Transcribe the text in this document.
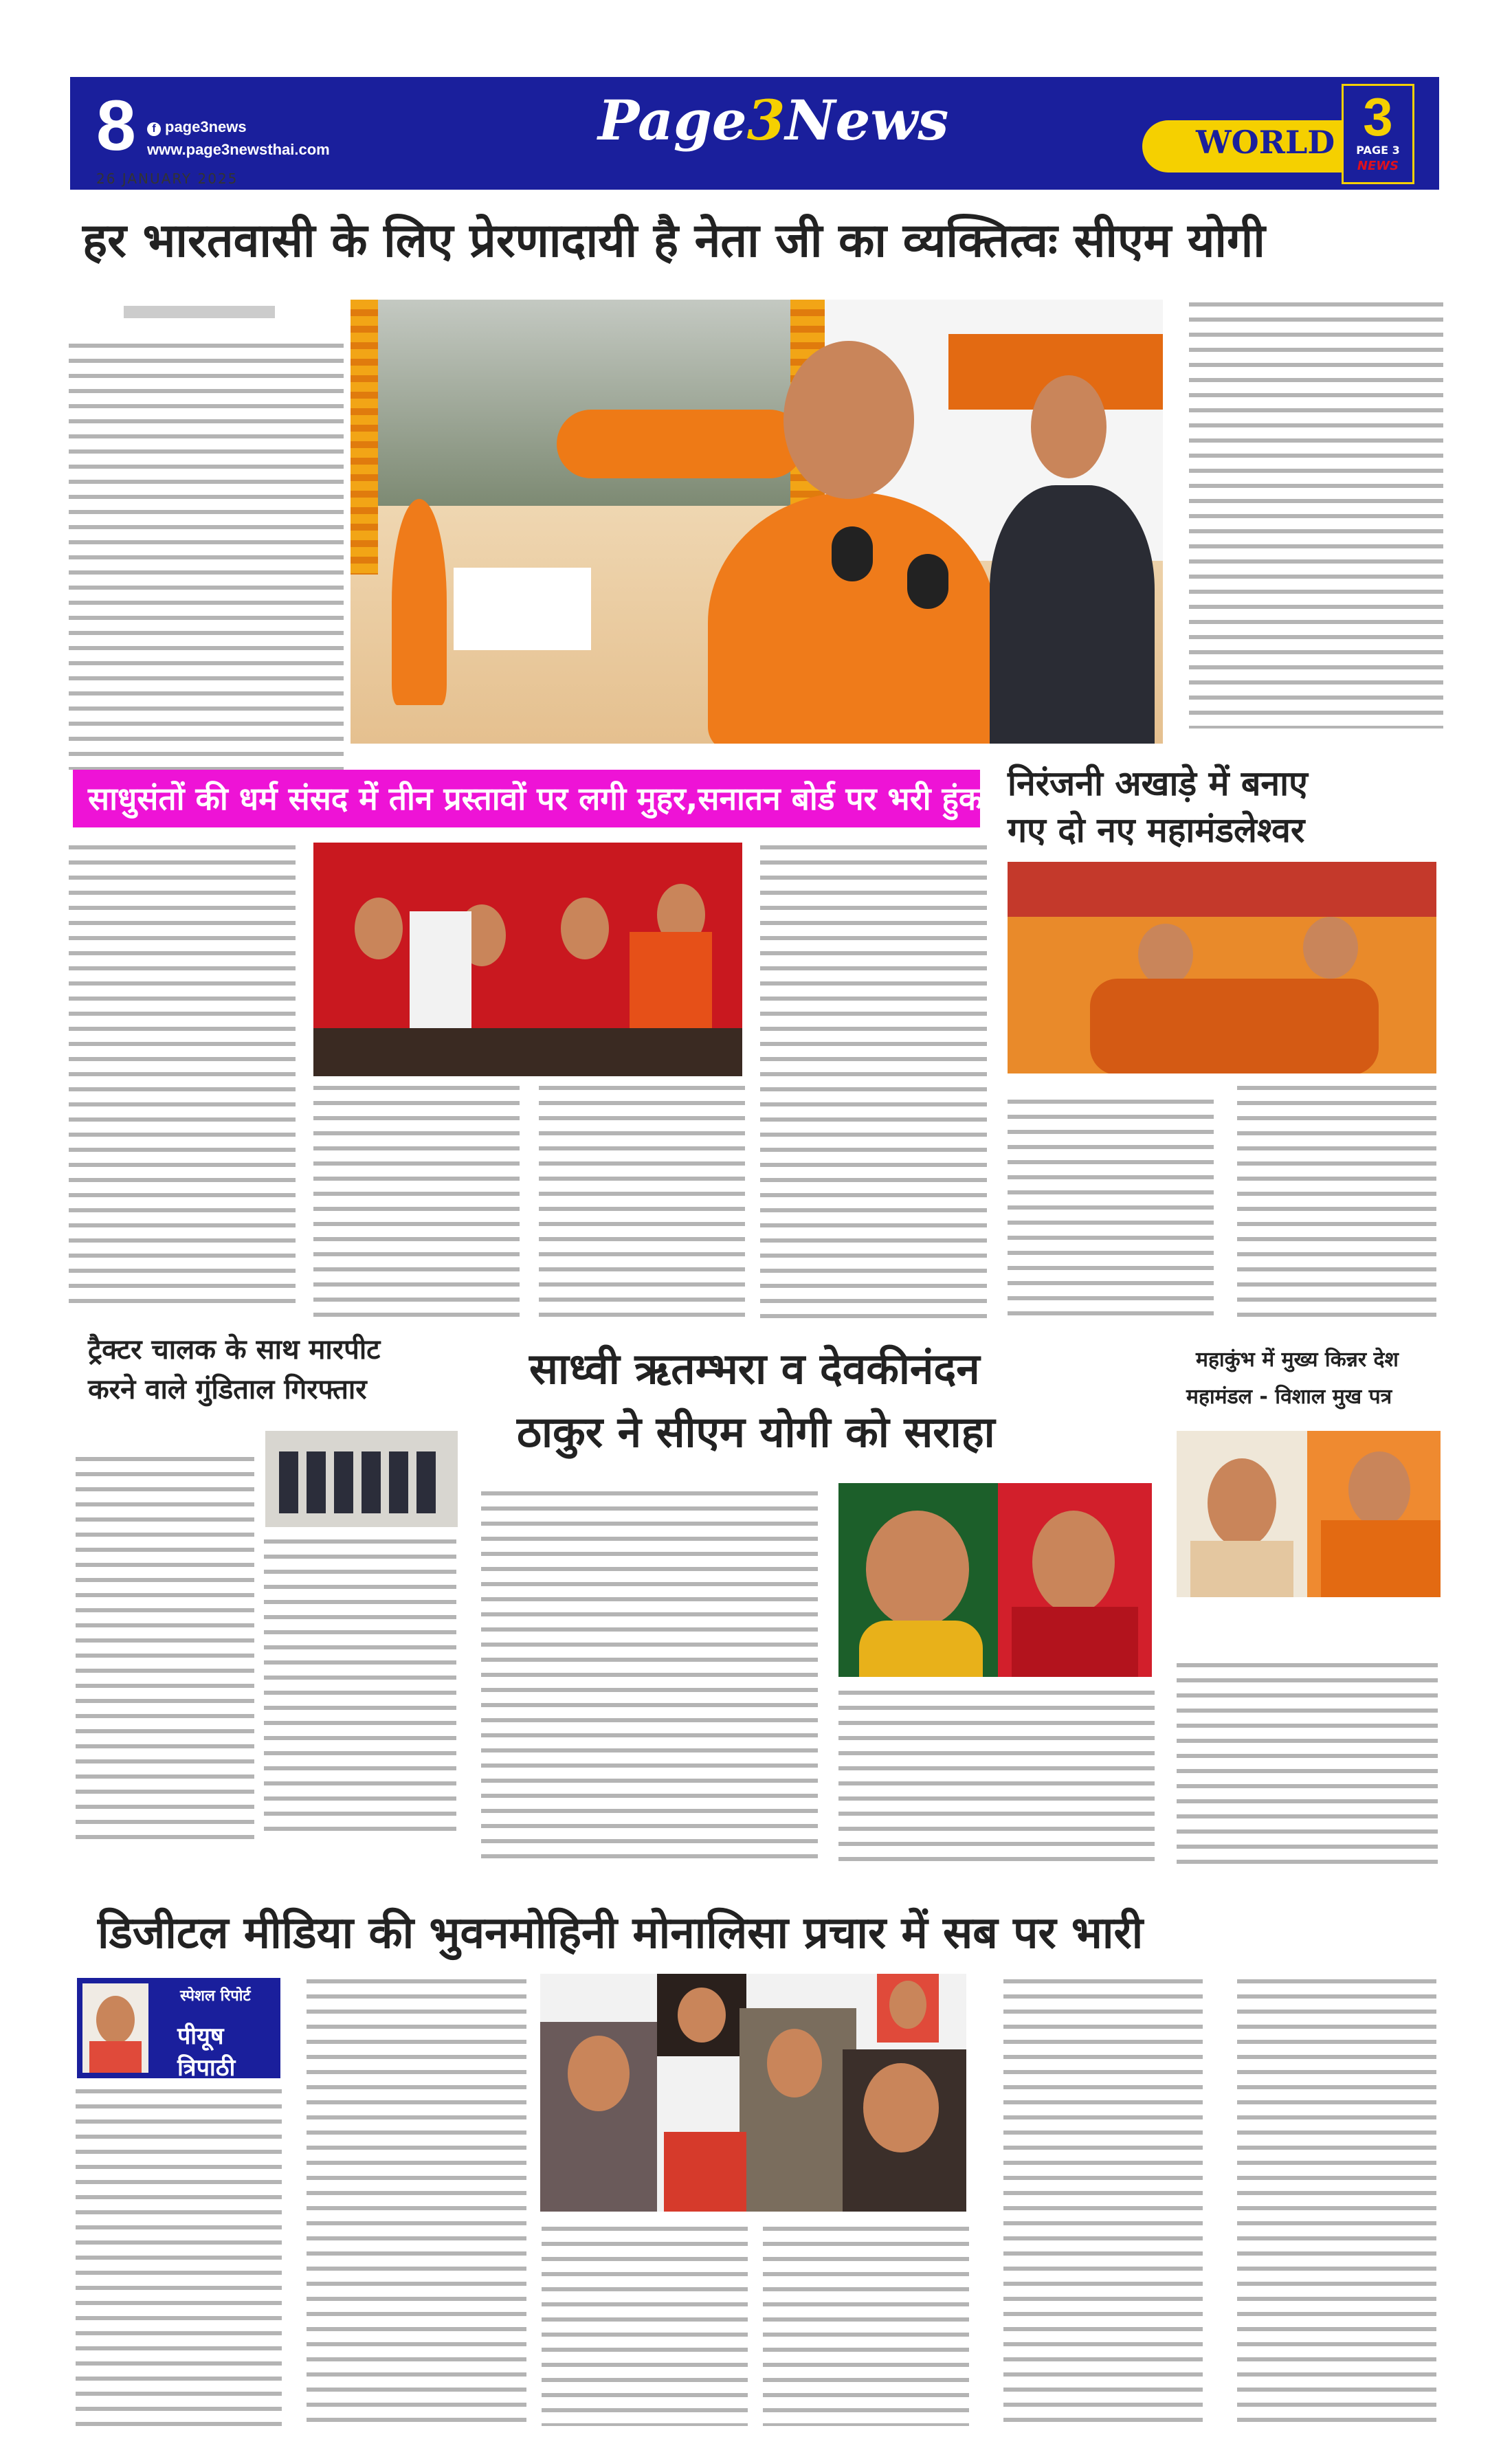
8	f page3news
www.page3newsthai.com	Page3News	WORLD 3
PAGE 3
NEWS
26 JANUARY 2025
हर भारतवासी के लिए प्रेरणादायी है नेता जी का व्यक्तित्वः सीएम योगी
साधुसंतों की धर्म संसद में तीन प्रस्तावों पर लगी मुहर,सनातन बोर्ड पर भरी हुंकार निरंजनी अखाड़े में बनाए
गए दो नए महामंडलेश्वर
ट्रैक्टर चालक के साथ मारपीट
करने वाले गुंडिताल गिरफ्तार	साध्वी ऋतम्भरा व देवकीनंदन
ठाकुर ने सीएम योगी को सराहा
महाकुंभ में मुख्य किन्नर देश
महामंडल - विशाल मुख पत्र
डिजीटल मीडिया की भुवनमोहिनी मोनालिसा प्रचार में सब पर भारी
स्पेशल रिपोर्ट
पीयूष त्रिपाठी
